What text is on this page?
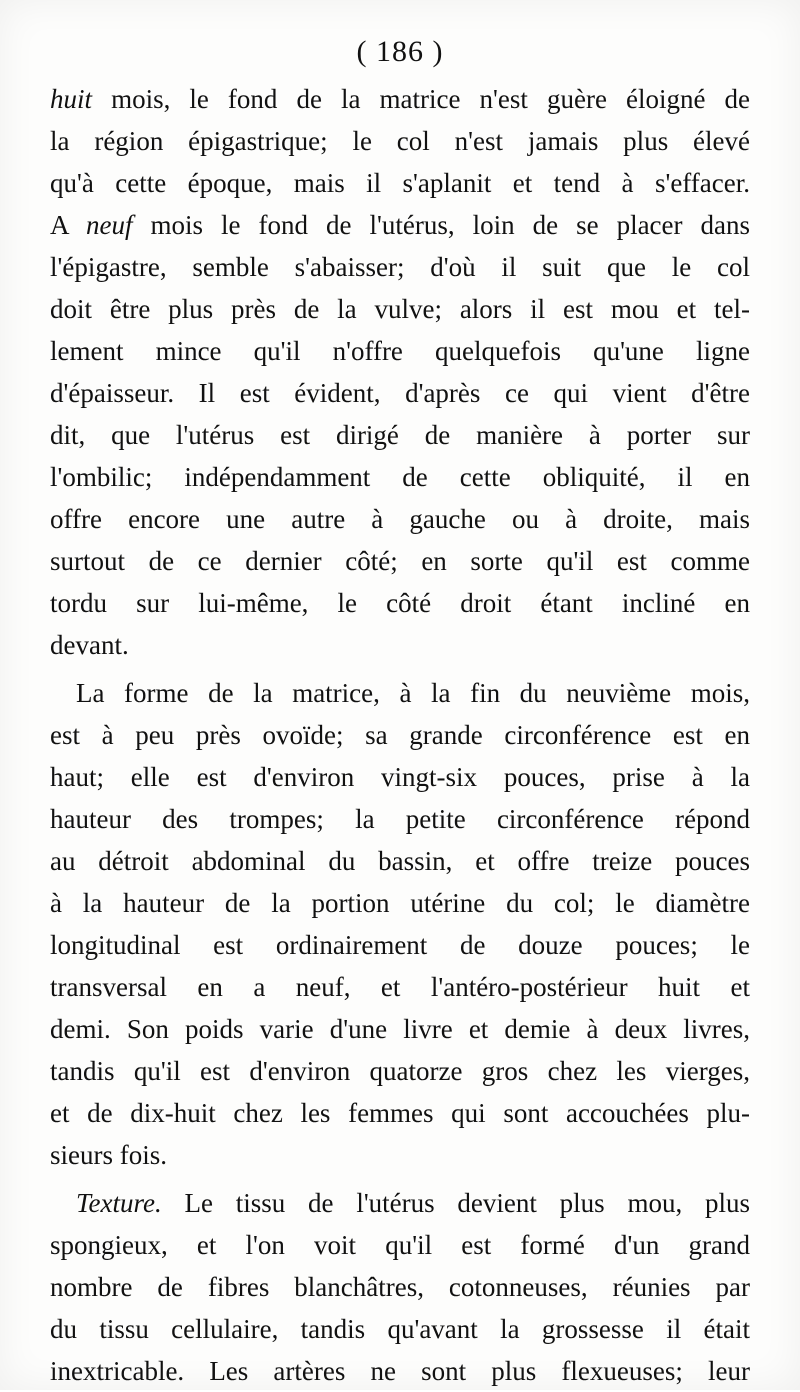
( 186 )
huit mois, le fond de la matrice n'est guère éloigné de
la région épigastrique; le col n'est jamais plus élevé
qu'à cette époque, mais il s'aplanit et tend à s'effacer.
A neuf mois le fond de l'utérus, loin de se placer dans
l'épigastre, semble s'abaisser; d'où il suit que le col
doit être plus près de la vulve; alors il est mou et tel-
lement mince qu'il n'offre quelquefois qu'une ligne
d'épaisseur. Il est évident, d'après ce qui vient d'être
dit, que l'utérus est dirigé de manière à porter sur
l'ombilic; indépendamment de cette obliquité, il en
offre encore une autre à gauche ou à droite, mais
surtout de ce dernier côté; en sorte qu'il est comme
tordu sur lui-même, le côté droit étant incliné en
devant.
La forme de la matrice, à la fin du neuvième mois,
est à peu près ovoïde; sa grande circonférence est en
haut; elle est d'environ vingt-six pouces, prise à la
hauteur des trompes; la petite circonférence répond
au détroit abdominal du bassin, et offre treize pouces
à la hauteur de la portion utérine du col; le diamètre
longitudinal est ordinairement de douze pouces; le
transversal en a neuf, et l'antéro-postérieur huit et
demi. Son poids varie d'une livre et demie à deux livres,
tandis qu'il est d'environ quatorze gros chez les vierges,
et de dix-huit chez les femmes qui sont accouchées plu-
sieurs fois.
Texture. Le tissu de l'utérus devient plus mou, plus
spongieux, et l'on voit qu'il est formé d'un grand
nombre de fibres blanchâtres, cotonneuses, réunies par
du tissu cellulaire, tandis qu'avant la grossesse il était
inextricable. Les artères ne sont plus flexueuses; leur
